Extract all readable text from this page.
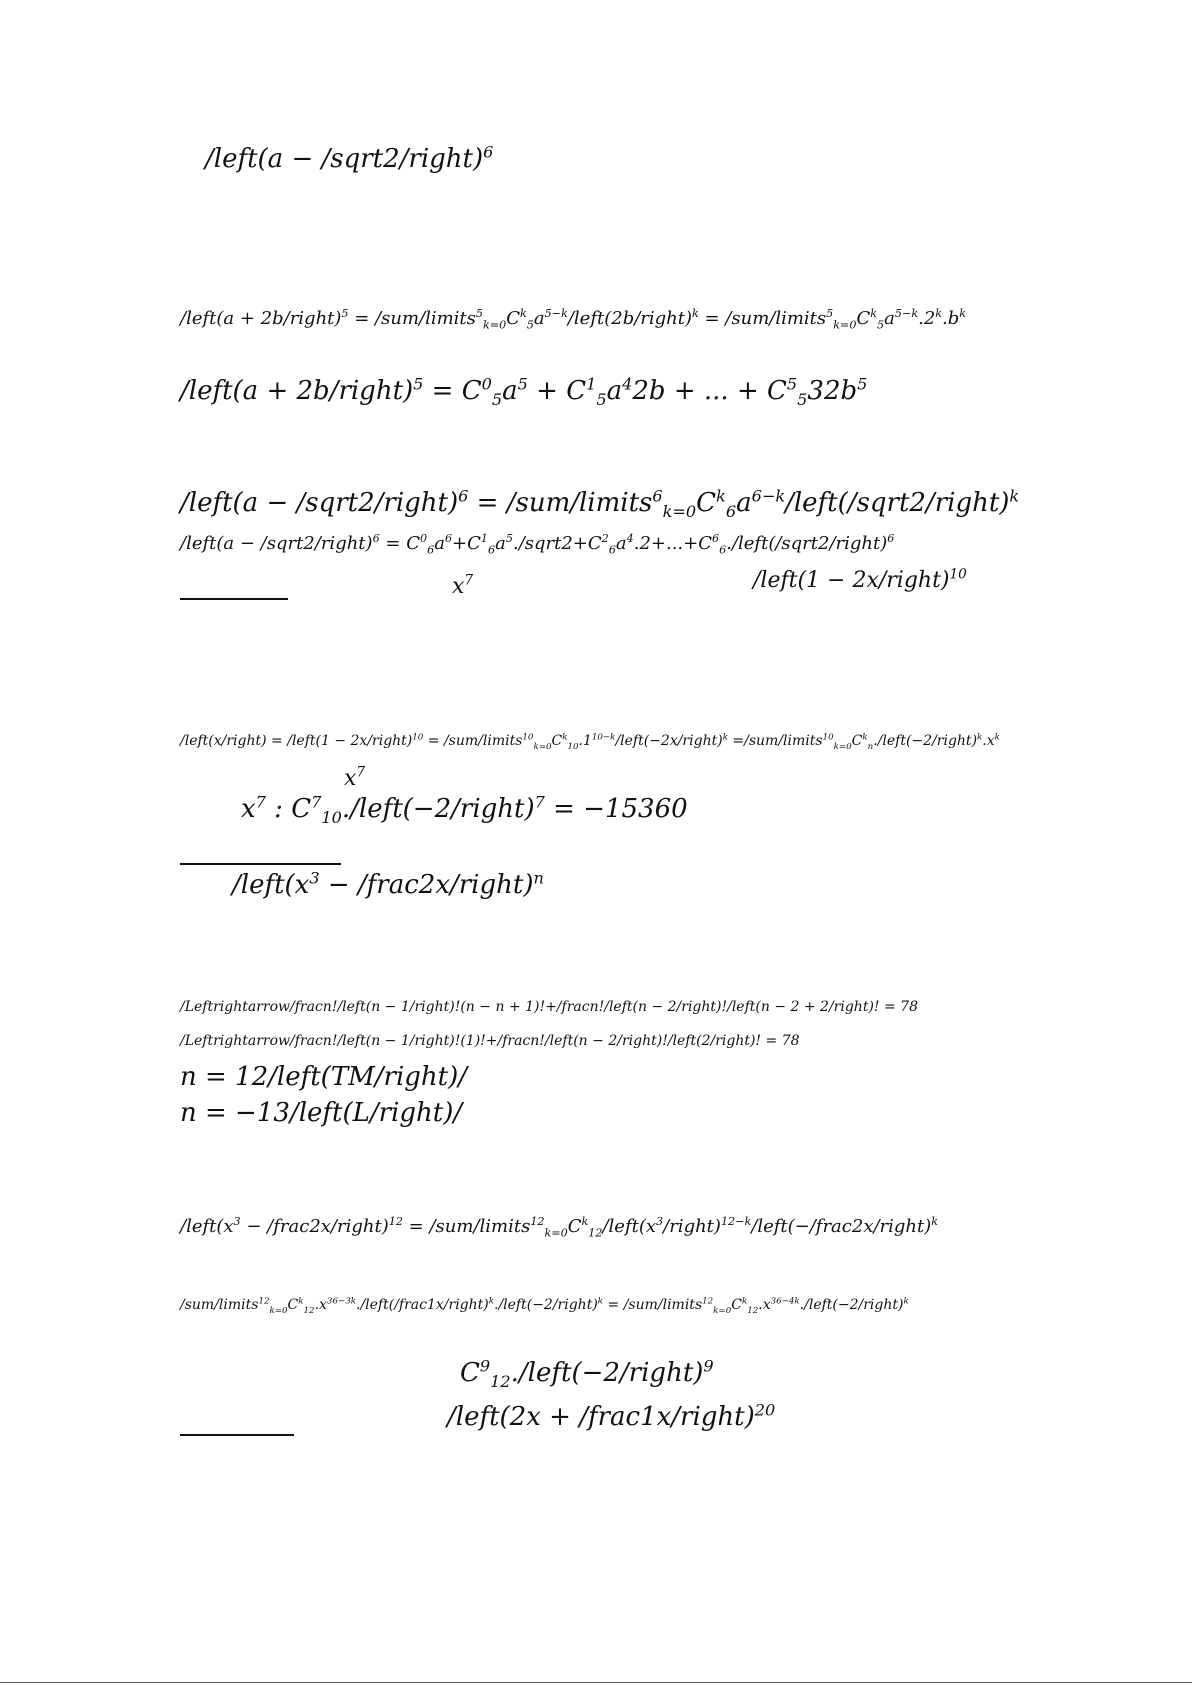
/left(a − /sqrt2/right)$^6$
/left(a + 2b/right)$^5$ = $/sum/limits^5_{k=0}C^k_5a^{5-k}/left(2b/right)^k$ = $/sum/limits^5_{k=0}C^k_5a^{5-k}.2^k.b^k$
/left(a + 2b/right)$^5$ = $C^0_5a^5 + C^1_5a^42b$ + ... + $C^5_532b^5$
/left(a − /sqrt2/right)$^6$ = $/sum/limits^6_{k=0}C^k_6a^{6-k}/left(/sqrt2/right)^k$
/left(a − /sqrt2/right)$^6$ = $C^0_6a^6+C^1_6a^5./sqrt2+C^2_6a^4.2+...+C^6_6./left(/sqrt2/right)^6$
$x^7$	/left(1 − 2x/right)$^{10}$
/left(x/right) = /left(1 − 2x/right)$^{10}$ = $/sum/limits^{10}_{k=0}C^k_{10}.1^{10-k}/left(-2x/right)^k$ $=/sum/limits^{10}_{k=0}C^k_n./left(-2/right)^k.x^k$
$x^7$
$x^7$ : $C^7_{10}./left(-2/right)^7 = -15360$
$/left(x^3$ − /frac2x/right)$^n$
/Leftrightarrow/fracn!/left(n − 1/right)!(n − n + 1)!+/fracn!/left(n − 2/right)!/left(n − 2 + 2/right)! = 78
/Leftrightarrow/fracn!/left(n − 1/right)!(1)!+/fracn!/left(n − 2/right)!/left(2/right)! = 78
n = 12/left(TM/right)/
n = −13/left(L/right)/
$/left(x^3$ − /frac2x/right)$^{12}$ = $/sum/limits^{12}_{k=0}C^k_{12}/left(x^3/right)^{12-k}/left(-/frac2x/right)^k$
$/sum/limits^{12}_{k=0}C^k_{12}.x^{36-3k}./left(/frac1x/right)^k./left(-2/right)^k$ = $/sum/limits^{12}_{k=0}C^k_{12}.x^{36-4k}./left(-2/right)^k$
$C^9_{12}./left(-2/right)^9$
/left(2x + /frac1x/right)$^{20}$
